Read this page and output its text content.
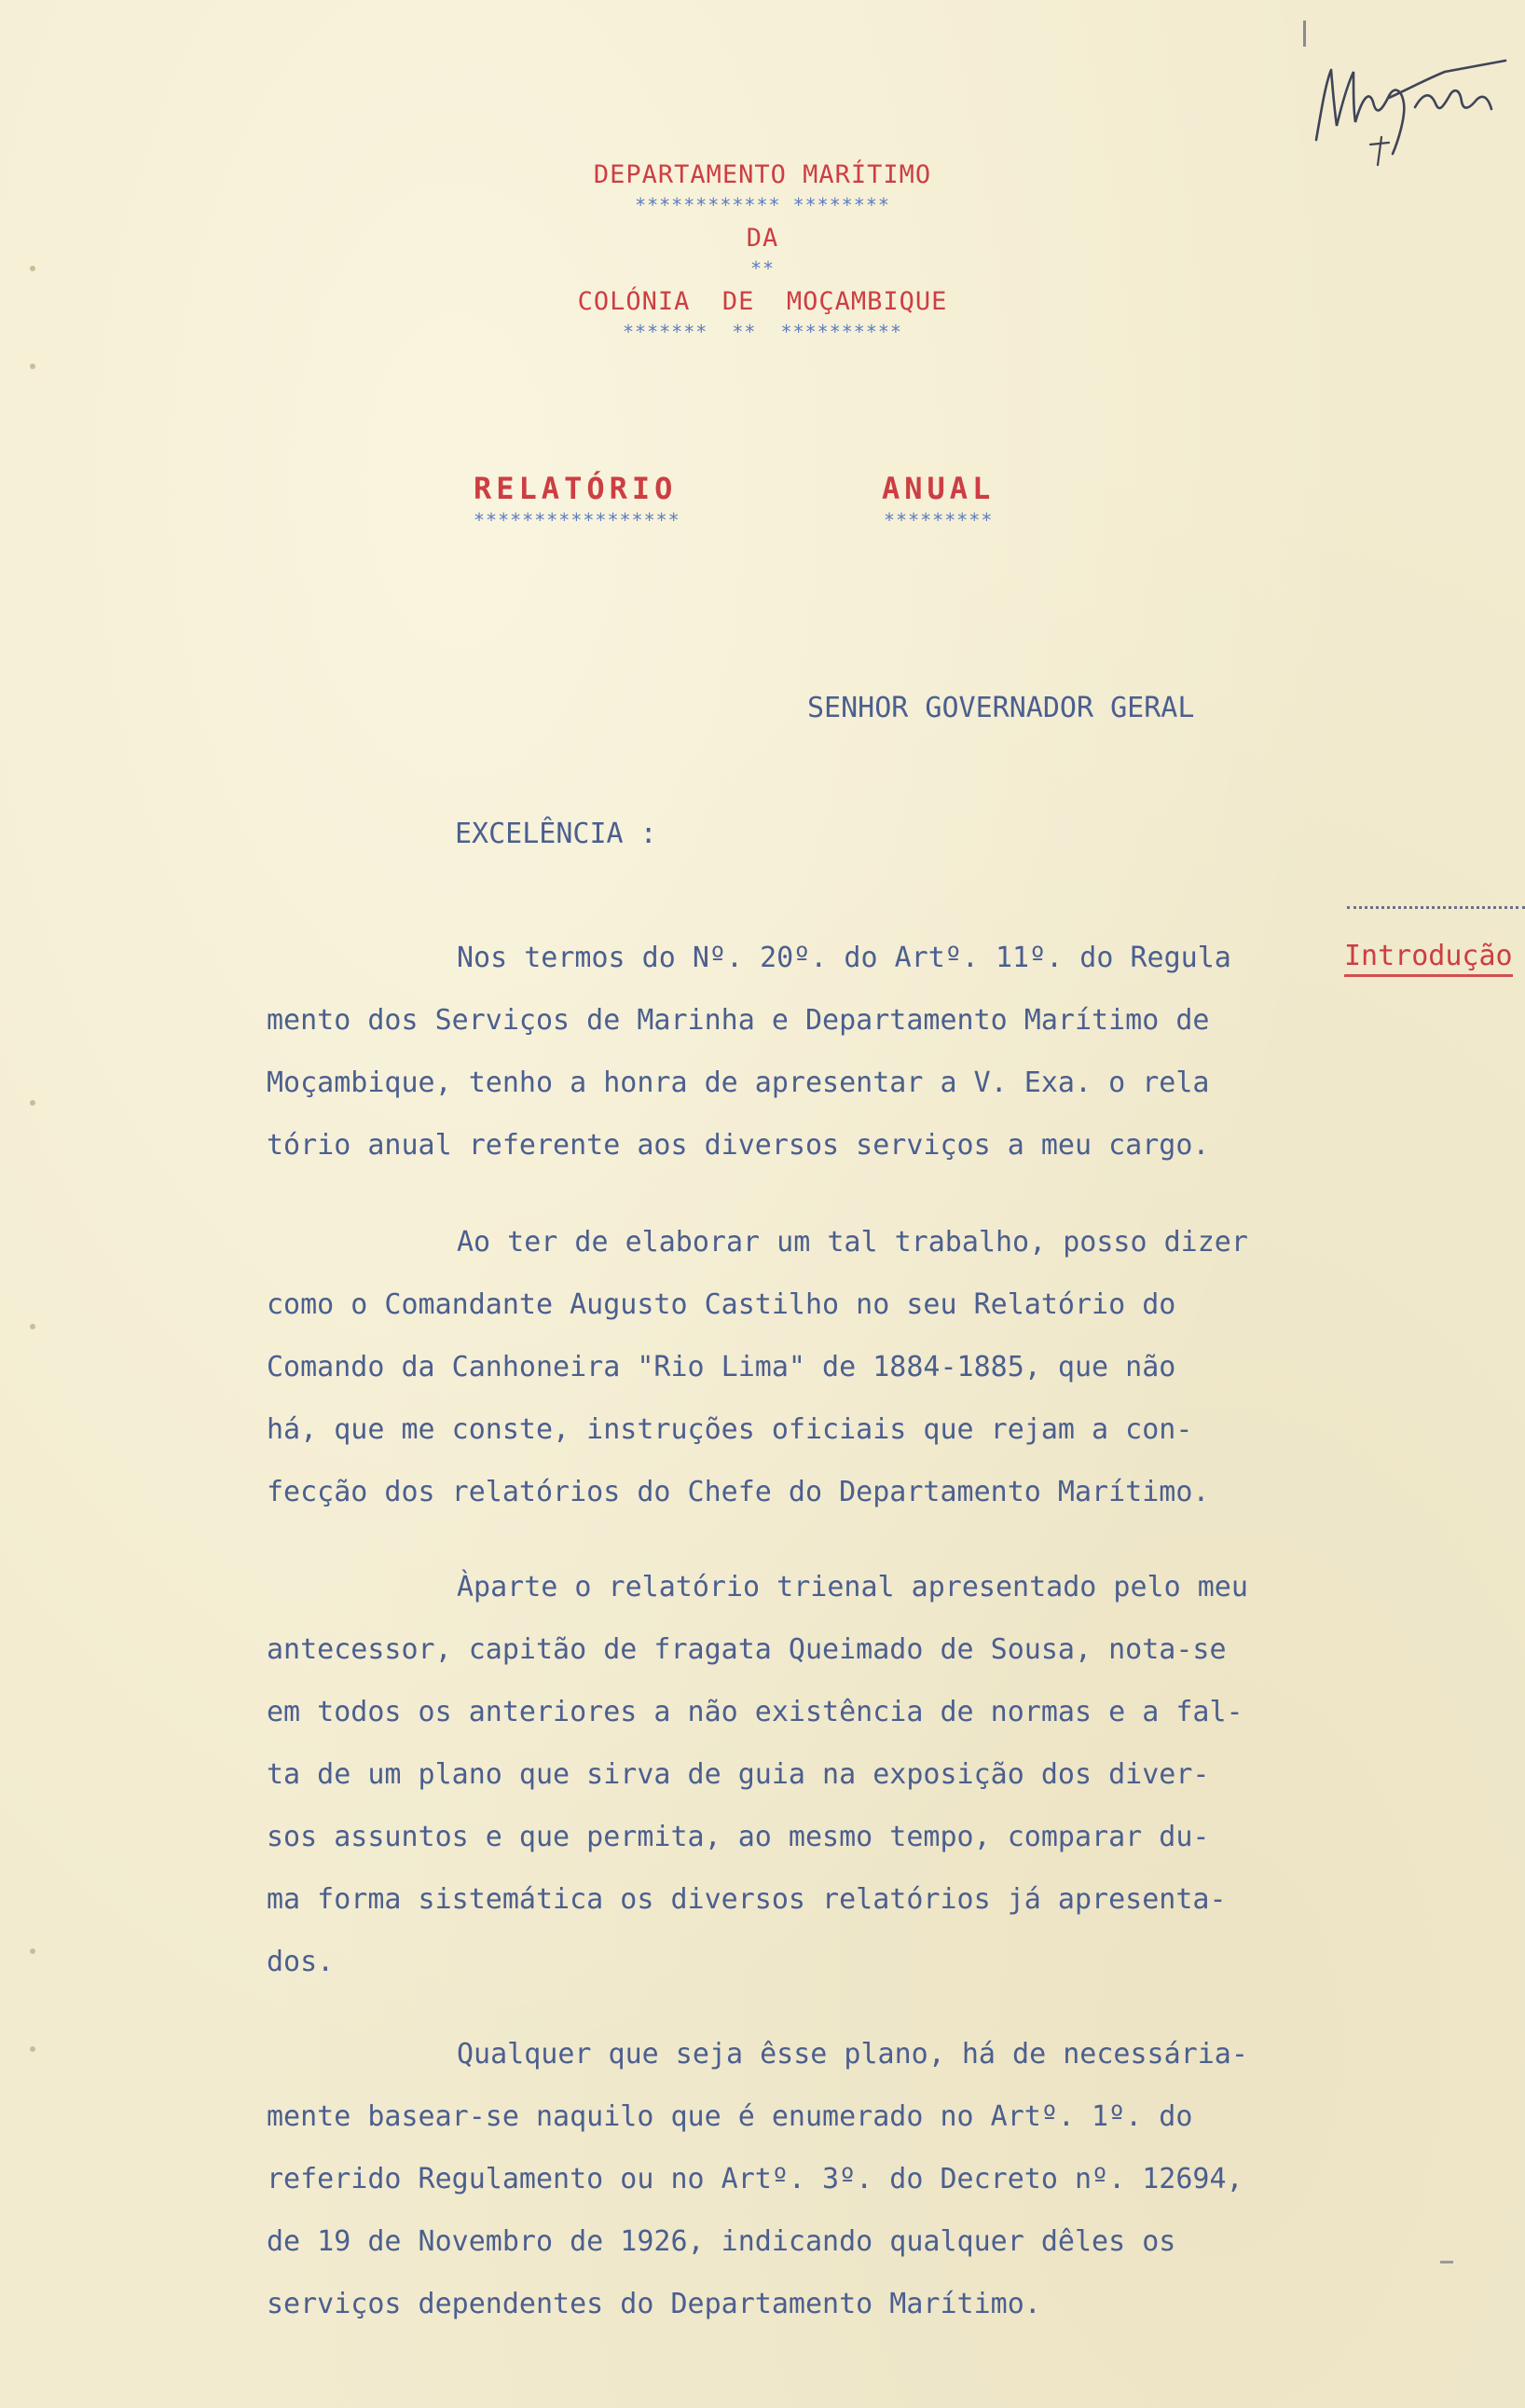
DEPARTAMENTO MARÍTIMO
************ ********
DA
**
COLÓNIA  DE  MOÇAMBIQUE
*******  **  **********
RELATÓRIO	ANUAL
*****************	*********
SENHOR GOVERNADOR GERAL
EXCELÊNCIA :
Introdução
Nos termos do Nº. 20º. do Artº. 11º. do Regula
mento dos Serviços de Marinha e Departamento Marítimo de
Moçambique, tenho a honra de apresentar a V. Exa. o rela
tório anual referente aos diversos serviços a meu cargo.
Ao ter de elaborar um tal trabalho, posso dizer
como o Comandante Augusto Castilho no seu Relatório do
Comando da Canhoneira "Rio Lima" de 1884-1885, que não
há, que me conste, instruções oficiais que rejam a con-
fecção dos relatórios do Chefe do Departamento Marítimo.
Àparte o relatório trienal apresentado pelo meu
antecessor, capitão de fragata Queimado de Sousa, nota-se
em todos os anteriores a não existência de normas e a fal-
ta de um plano que sirva de guia na exposição dos diver-
sos assuntos e que permita, ao mesmo tempo, comparar du-
ma forma sistemática os diversos relatórios já apresenta-
dos.
Qualquer que seja êsse plano, há de necessária-
mente basear-se naquilo que é enumerado no Artº. 1º. do
referido Regulamento ou no Artº. 3º. do Decreto nº. 12694,
de 19 de Novembro de 1926, indicando qualquer dêles os
serviços dependentes do Departamento Marítimo.
